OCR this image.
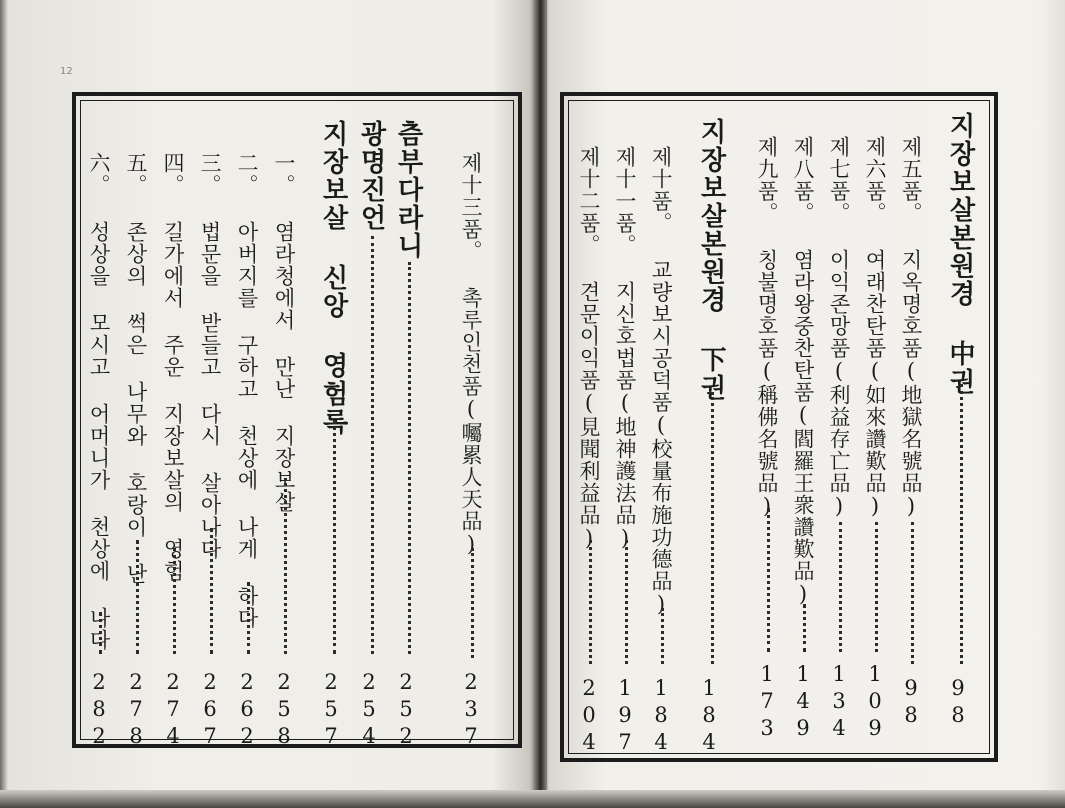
12
제十三품。 촉루인천품(囑累人天品)
237
츰부다라니
252
광명진언
254
지장보살 신앙 영험록
257
一。 염라청에서 만난 지장보살
258
二。 아버지를 구하고 천상에 나게 하다
262
三。 법문을 받들고 다시 살아나다
267
四。 길가에서 주운 지장보살의 영험
274
五。 존상의 썩은 나무와 호랑이 난
278
六。 성상을 모시고 어머니가 천상에 나다
282
지장보살본원경 中권
98
제五품。 지옥명호품(地獄名號品)
98
제六품。 여래찬탄품(如來讚歎品)
109
제七품。 이익존망품(利益存亡品)
134
제八품。 염라왕중찬탄품(閻羅王衆讚歎品)
149
제九품。 칭불명호품(稱佛名號品)
173
지장보살본원경 下권
184
제十품。 교량보시공덕품(校量布施功德品)
184
제十一품。 지신호법품(地神護法品)
197
제十二품。 견문이익품(見聞利益品)
204
